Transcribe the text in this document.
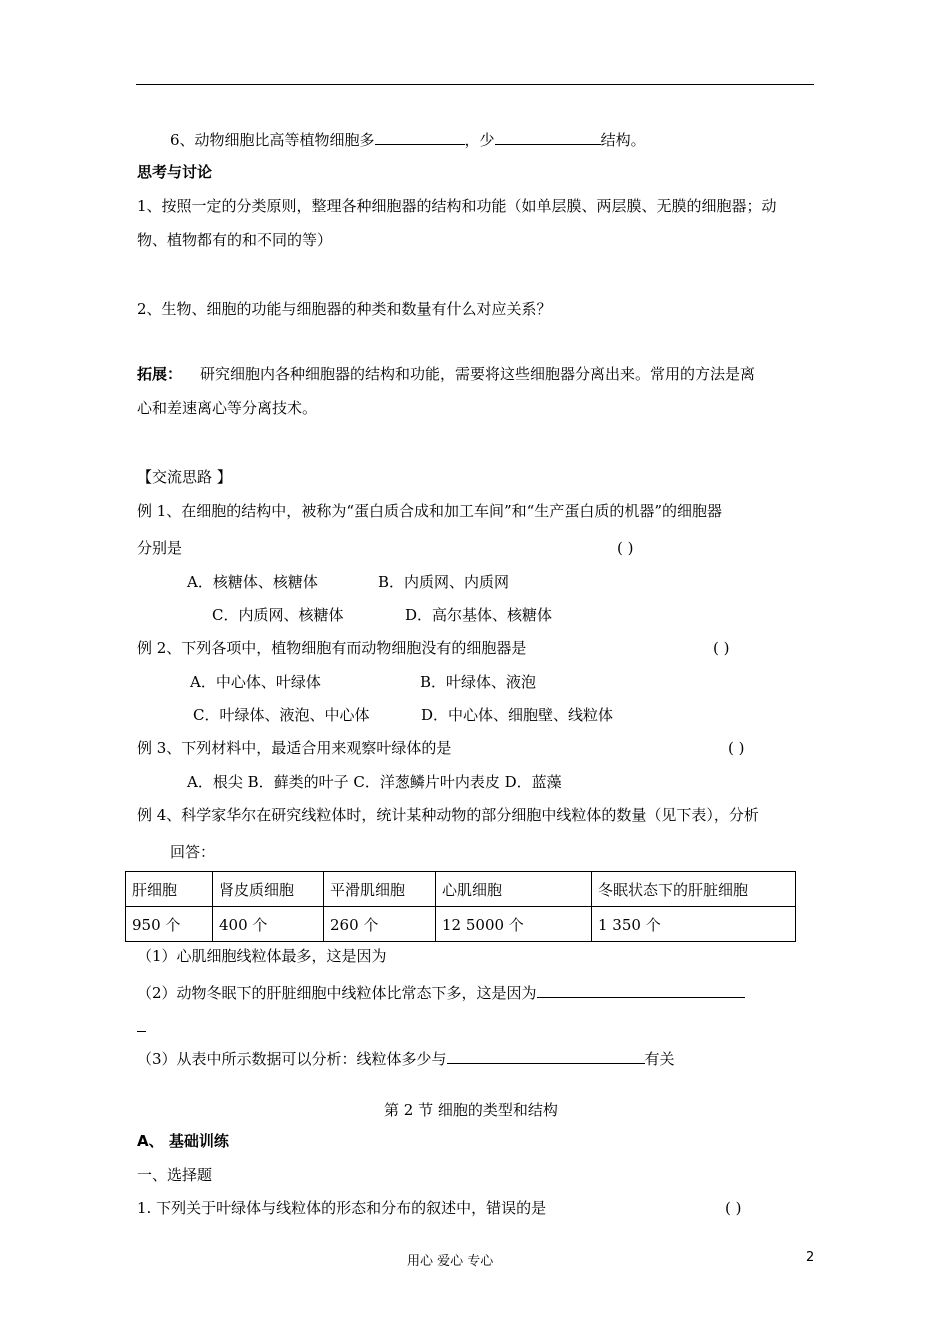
6、动物细胞比高等植物细胞多	，少	结构。
思考与讨论
1、按照一定的分类原则，整理各种细胞器的结构和功能（如单层膜、两层膜、无膜的细胞器；动
物、植物都有的和不同的等）
2、生物、细胞的功能与细胞器的种类和数量有什么对应关系？
拓展： 研究细胞内各种细胞器的结构和功能，需要将这些细胞器分离出来。常用的方法是离
心和差速离心等分离技术。
【交流思路 】
例 1、在细胞的结构中，被称为“蛋白质合成和加工车间”和“生产蛋白质的机器”的细胞器
分别是	( )
A．核糖体、核糖体	B．内质网、内质网
C．内质网、核糖体	D．高尔基体、核糖体
例 2、下列各项中，植物细胞有而动物细胞没有的细胞器是	( )
A．中心体、叶绿体	B．叶绿体、液泡
C．叶绿体、液泡、中心体	D．中心体、细胞壁、线粒体
例 3、下列材料中，最适合用来观察叶绿体的是	( )
A．根尖 B．藓类的叶子 C．洋葱鳞片叶内表皮 D．蓝藻
例 4、科学家华尔在研究线粒体时，统计某种动物的部分细胞中线粒体的数量（见下表），分析
回答：
肝细胞	肾皮质细胞	平滑肌细胞	心肌细胞	冬眠状态下的肝脏细胞
950 个	400 个	260 个	12 5000 个	1 350 个
（1）心肌细胞线粒体最多，这是因为
（2）动物冬眠下的肝脏细胞中线粒体比常态下多，这是因为
（3）从表中所示数据可以分析：线粒体多少与	有关
第 2 节 细胞的类型和结构
A、 基础训练
一、选择题
1. 下列关于叶绿体与线粒体的形态和分布的叙述中，错误的是	( )
用心 爱心 专心	2
